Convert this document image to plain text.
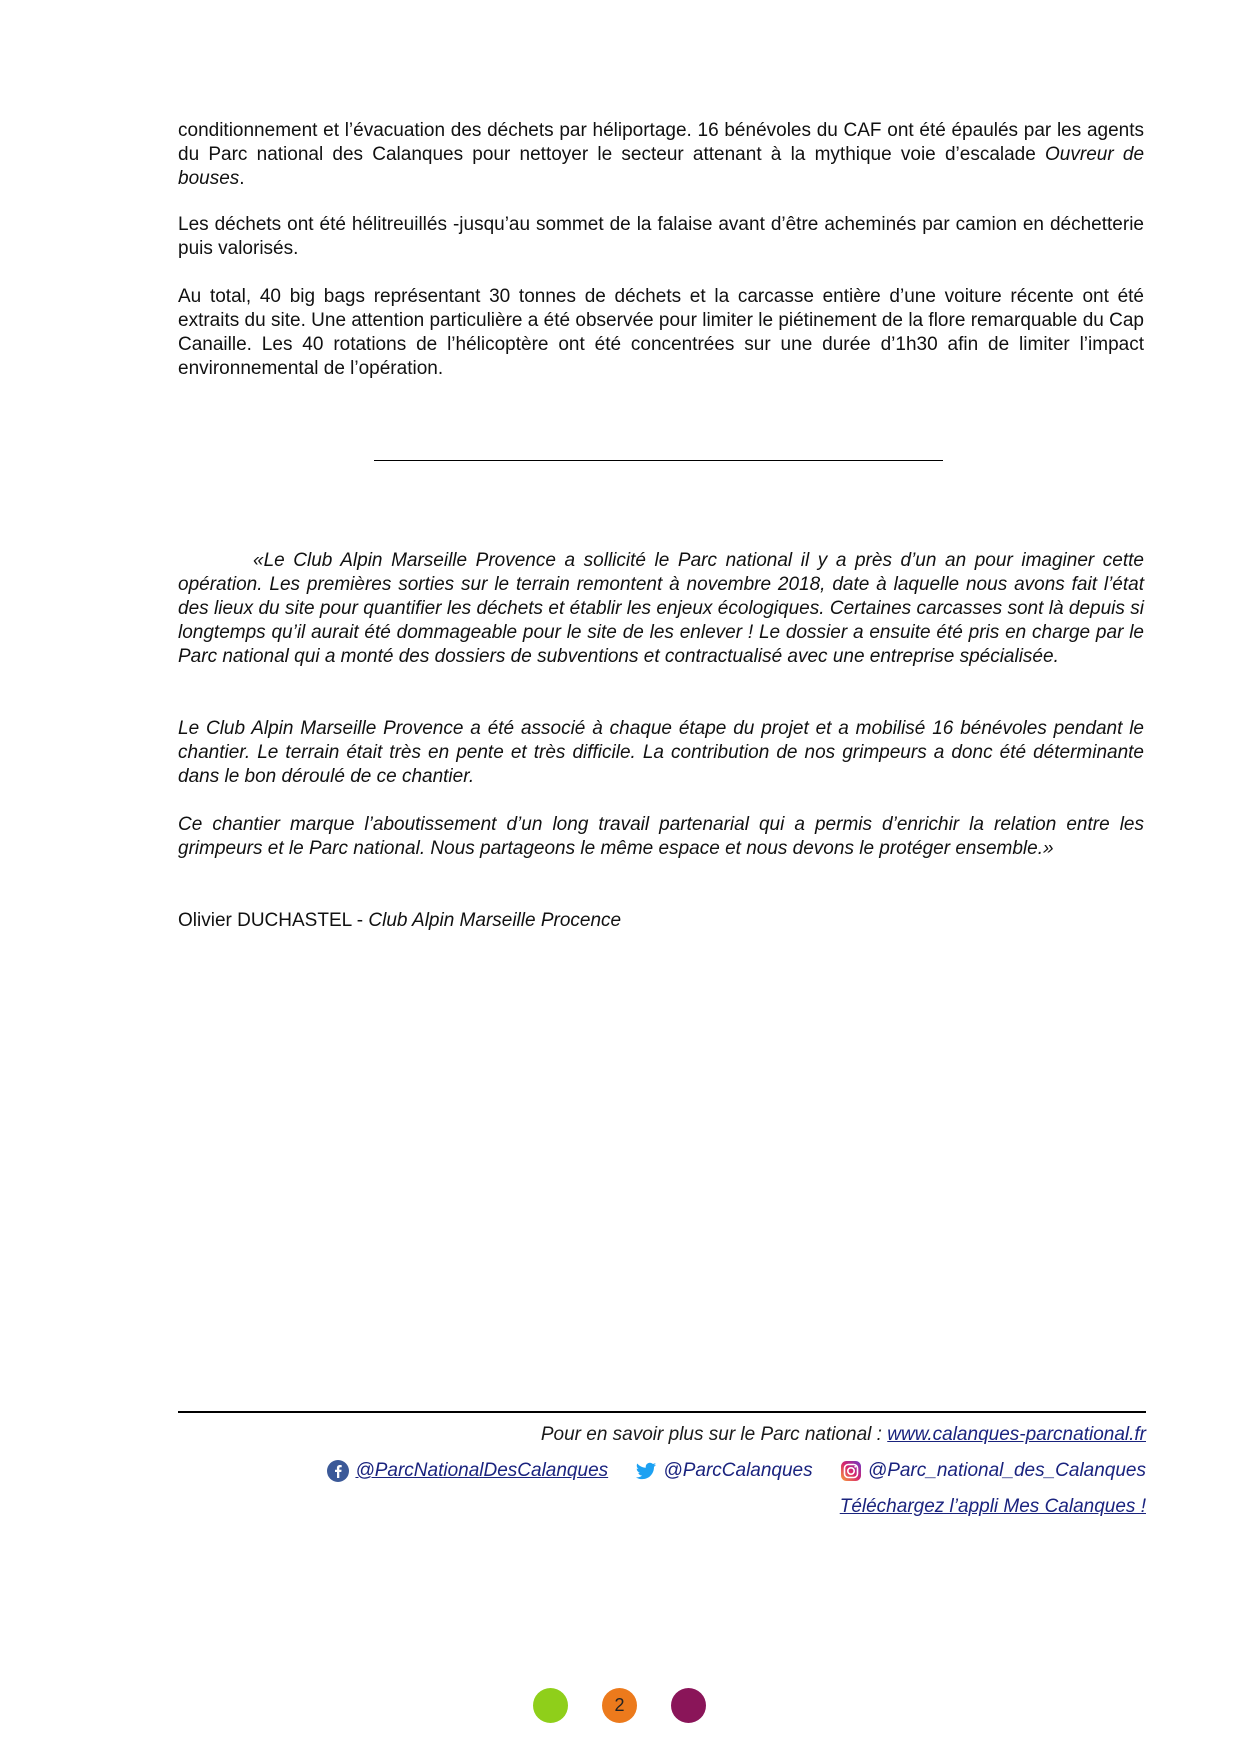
conditionnement et l’évacuation des déchets par héliportage. 16 bénévoles du CAF ont été épaulés par les agents du Parc national des Calanques pour nettoyer le secteur attenant à la mythique voie d’escalade Ouvreur de bouses.

Les déchets ont été hélitreuillés -jusqu’au sommet de la falaise avant d’être acheminés par camion en déchetterie puis valorisés.

Au total, 40 big bags représentant 30 tonnes de déchets et la carcasse entière d’une voiture récente ont été extraits du site. Une attention particulière a été observée pour limiter le piétinement de la flore remarquable du Cap Canaille. Les 40 rotations de l’hélicoptère ont été concentrées sur une durée d’1h30 afin de limiter l’impact environnemental de l’opération.

«Le Club Alpin Marseille Provence a sollicité le Parc national il y a près d’un an pour imaginer cette opération. Les premières sorties sur le terrain remontent à novembre 2018, date à laquelle nous avons fait l’état des lieux du site pour quantifier les déchets et établir les enjeux écologiques. Certaines carcasses sont là depuis si longtemps qu’il aurait été dommageable pour le site de les enlever ! Le dossier a ensuite été pris en charge par le Parc national qui a monté des dossiers de subventions et contractualisé avec une entreprise spécialisée.

Le Club Alpin Marseille Provence a été associé à chaque étape du projet et a mobilisé 16 bénévoles pendant le chantier. Le terrain était très en pente et très difficile. La contribution de nos grimpeurs a donc été déterminante dans le bon déroulé de ce chantier.

Ce chantier marque l’aboutissement d’un long travail partenarial qui a permis d’enrichir la relation entre les grimpeurs et le Parc national. Nous partageons le même espace et nous devons le protéger ensemble.»

Olivier DUCHASTEL - Club Alpin Marseille Procence

Pour en savoir plus sur le Parc national : www.calanques-parcnational.fr
@ParcNationalDesCalanques
	@ParcCalanques
	@Parc_national_des_Calanques
Téléchargez l’appli Mes Calanques !
2
